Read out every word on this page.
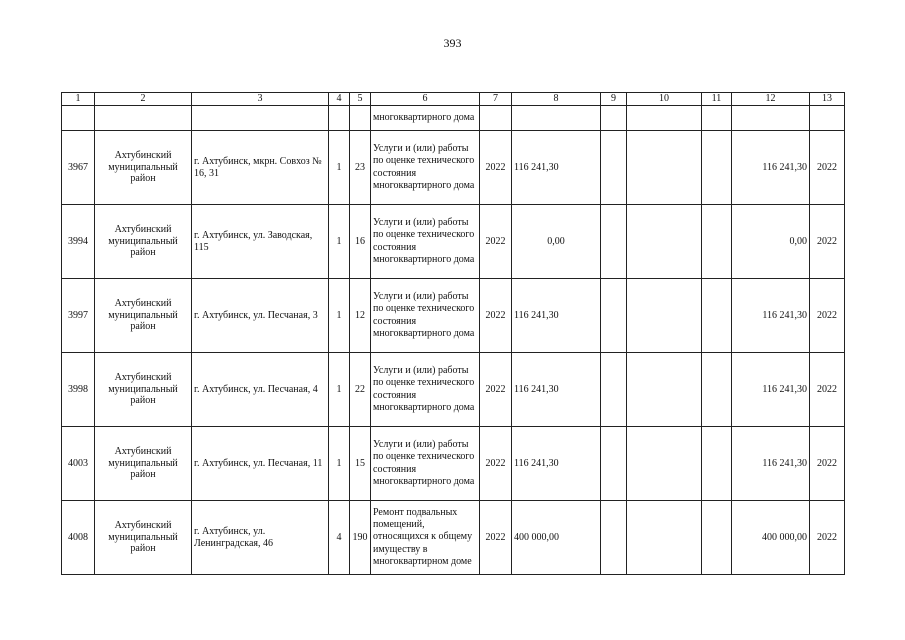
393
1	2	3	4	5	6	7	8	9	10	11	12	13
					многоквартирного дома							
3967	Ахтубинский муниципальный район	г. Ахтубинск, мкрн. Совхоз № 16, 31	1	23	Услуги и (или) работы по оценке технического состояния многоквартирного дома	2022	116 241,30				116 241,30	2022
3994	Ахтубинский муниципальный район	г. Ахтубинск, ул. Заводская, 115	1	16	Услуги и (или) работы по оценке технического состояния многоквартирного дома	2022	0,00				0,00	2022
3997	Ахтубинский муниципальный район	г. Ахтубинск, ул. Песчаная, 3	1	12	Услуги и (или) работы по оценке технического состояния многоквартирного дома	2022	116 241,30				116 241,30	2022
3998	Ахтубинский муниципальный район	г. Ахтубинск, ул. Песчаная, 4	1	22	Услуги и (или) работы по оценке технического состояния многоквартирного дома	2022	116 241,30				116 241,30	2022
4003	Ахтубинский муниципальный район	г. Ахтубинск, ул. Песчаная, 11	1	15	Услуги и (или) работы по оценке технического состояния многоквартирного дома	2022	116 241,30				116 241,30	2022
4008	Ахтубинский муниципальный район	г. Ахтубинск, ул. Ленинградская, 46	4	190	Ремонт подвальных помещений, относящихся к общему имуществу в многоквартирном доме	2022	400 000,00				400 000,00	2022
